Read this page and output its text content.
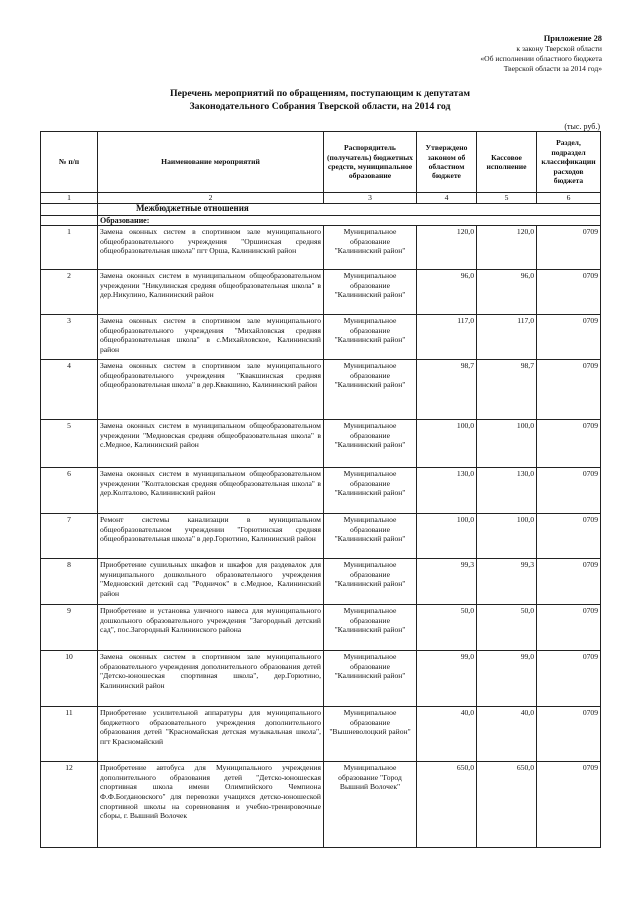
Приложение 28
к закону Тверской области
«Об исполнении областного бюджета
Тверской области за 2014 год»
Перечень мероприятий по обращениям, поступающим к депутатам
Законодательного Собрания Тверской области, на 2014 год
(тыс. руб.)
№ п/п	Наименование мероприятий	Распорядитель (получатель) бюджетных средств, муниципальное образование	Утверждено законом об областном бюджете	Кассовое исполнение	Раздел, подраздел классификации расходов бюджета
1	2	3	4	5	6
	Межбюджетные отношения				
	Образование:				
1	Замена оконных систем в спортивном зале муниципального общеобразовательного учреждения "Оршинская средняя общеобразовательная школа" пгт Орша, Калининский район	Муниципальное образование "Калининский район"	120,0	120,0	0709
2	Замена оконных систем в муниципальном общеобразовательном учреждении "Никулинская средняя общеобразовательная школа" в дер.Никулино, Калининский район	Муниципальное образование "Калининский район"	96,0	96,0	0709
3	Замена оконных систем в спортивном зале муниципального общеобразовательного учреждения "Михайловская средняя общеобразовательная школа" в с.Михайловское, Калининский район	Муниципальное образование "Калининский район"	117,0	117,0	0709
4	Замена оконных систем в спортивном зале муниципального общеобразовательного учреждения "Квакшинская средняя общеобразовательная школа" в дер.Квакшино, Калининский район	Муниципальное образование "Калининский район"	98,7	98,7	0709
5	Замена оконных систем в муниципальном общеобразовательном учреждении "Медновская средняя общеобразовательная школа" в с.Медное, Калининский район	Муниципальное образование "Калининский район"	100,0	100,0	0709
6	Замена оконных систем в муниципальном общеобразовательном учреждении "Колталовская средняя общеобразовательная школа" в дер.Колталово, Калининский район	Муниципальное образование "Калининский район"	130,0	130,0	0709
7	Ремонт системы канализации в муниципальном общеобразовательном учреждении "Горютинская средняя общеобразовательная школа" в дер.Горютино, Калининский район	Муниципальное образование "Калининский район"	100,0	100,0	0709
8	Приобретение сушильных шкафов и шкафов для раздевалок для муниципального дошкольного образовательного учреждения "Медновский детский сад "Родничок" в с.Медное, Калининский район	Муниципальное образование "Калининский район"	99,3	99,3	0709
9	Приобретение и установка уличного навеса для муниципального дошкольного образовательного учреждения "Загородный детский сад", пос.Загородный Калининского района	Муниципальное образование "Калининский район"	50,0	50,0	0709
10	Замена оконных систем в спортивном зале муниципального образовательного учреждения дополнительного образования детей "Детско-юношеская спортивная школа", дер.Горютино, Калининский район	Муниципальное образование "Калининский район"	99,0	99,0	0709
11	Приобретение усилительной аппаратуры для муниципального бюджетного образовательного учреждения дополнительного образования детей "Красномайская детская музыкальная школа", пгт Красномайский	Муниципальное образование "Вышневолоцкий район"	40,0	40,0	0709
12	Приобретение автобуса для Муниципального учреждения дополнительного образования детей "Детско-юношеская спортивная школа имени Олимпийского Чемпиона Ф.Ф.Богдановского" для перевозки учащихся детско-юношеской спортивной школы на соревнования и учебно-тренировочные сборы, г. Вышний Волочек	Муниципальное образование "Город Вышний Волочек"	650,0	650,0	0709
